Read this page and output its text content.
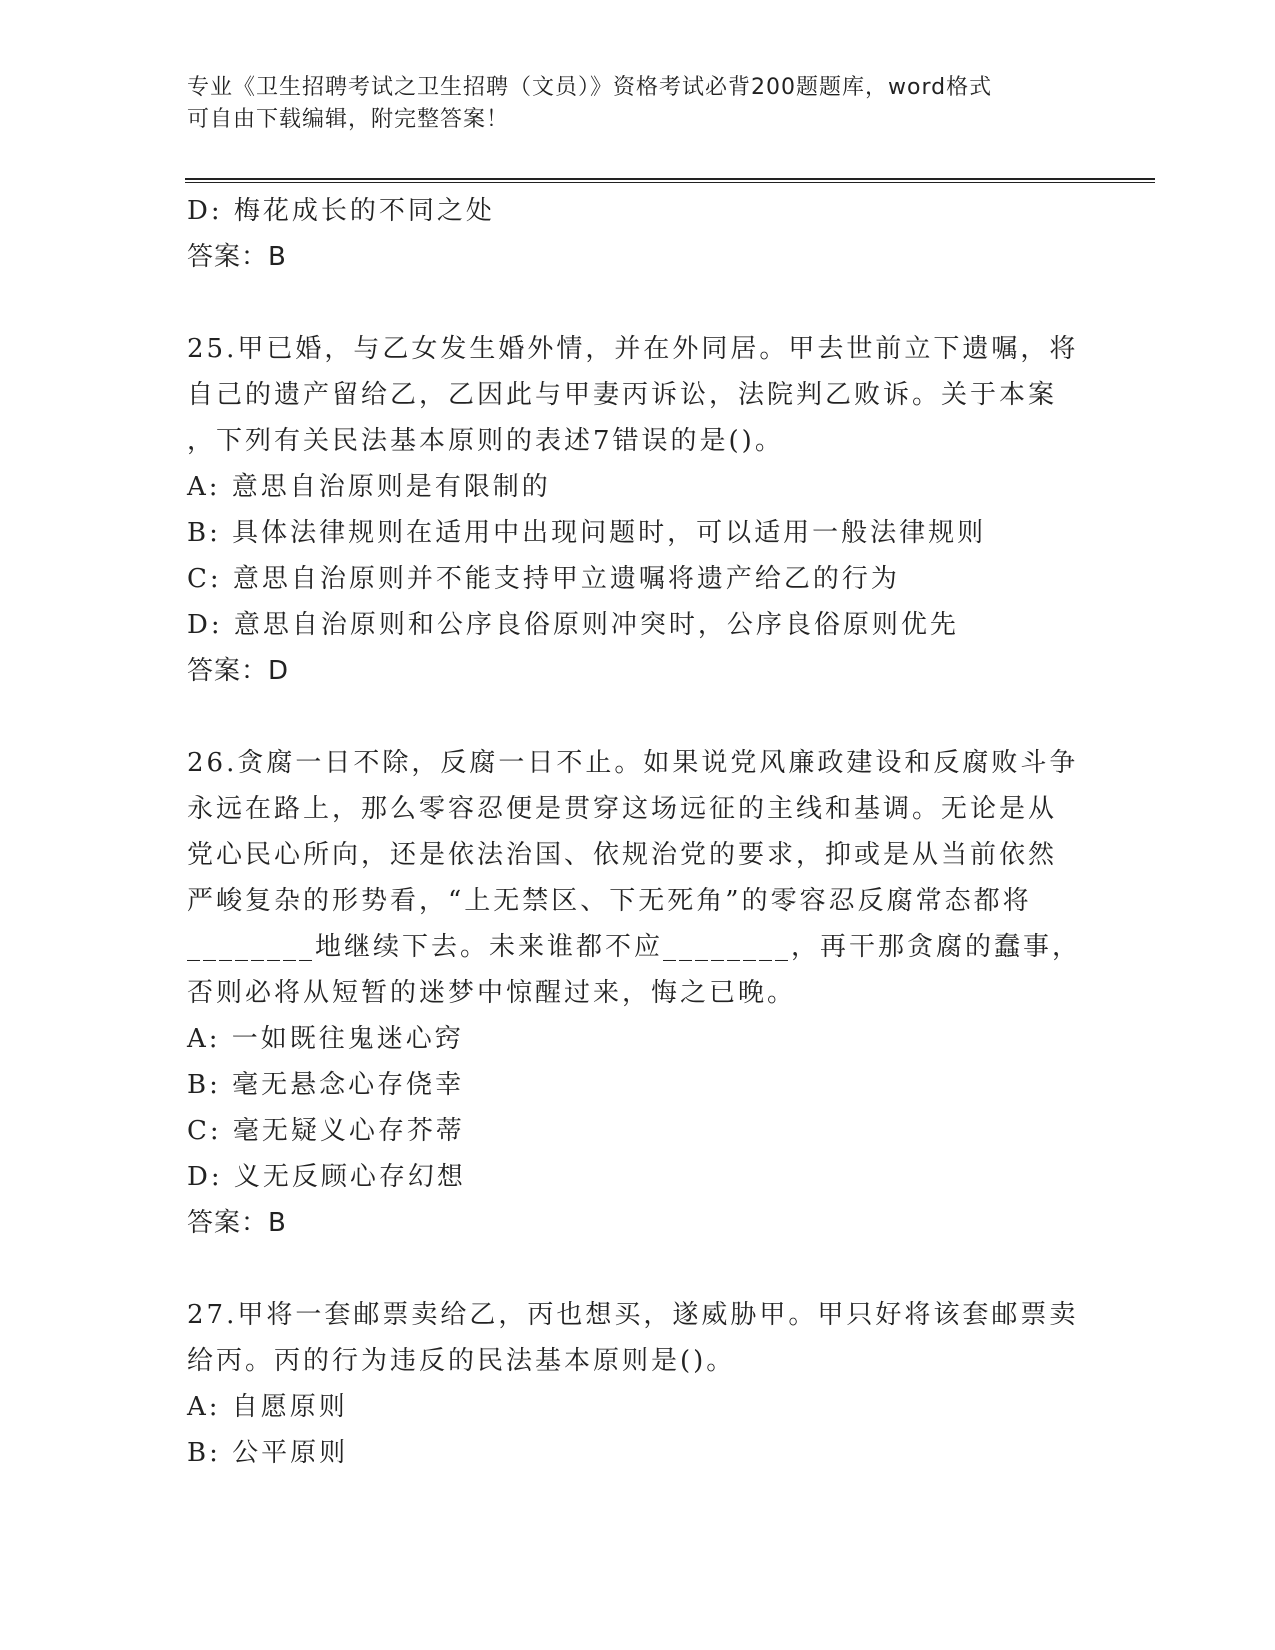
专业《卫生招聘考试之卫生招聘（文员）》资格考试必背200题题库，word格式
可自由下载编辑，附完整答案！
D: 梅花成长的不同之处
答案：B
25.甲已婚，与乙女发生婚外情，并在外同居。甲去世前立下遗嘱，将
自己的遗产留给乙，乙因此与甲妻丙诉讼，法院判乙败诉。关于本案
，下列有关民法基本原则的表述7错误的是()。
A: 意思自治原则是有限制的
B: 具体法律规则在适用中出现问题时，可以适用一般法律规则
C: 意思自治原则并不能支持甲立遗嘱将遗产给乙的行为
D: 意思自治原则和公序良俗原则冲突时，公序良俗原则优先
答案：D
26.贪腐一日不除，反腐一日不止。如果说党风廉政建设和反腐败斗争
永远在路上，那么零容忍便是贯穿这场远征的主线和基调。无论是从
党心民心所向，还是依法治国、依规治党的要求，抑或是从当前依然
严峻复杂的形势看，“上无禁区、下无死角”的零容忍反腐常态都将
________地继续下去。未来谁都不应________，再干那贪腐的蠢事，
否则必将从短暂的迷梦中惊醒过来，悔之已晚。
A: 一如既往鬼迷心窍
B: 毫无悬念心存侥幸
C: 毫无疑义心存芥蒂
D: 义无反顾心存幻想
答案：B
27.甲将一套邮票卖给乙，丙也想买，遂威胁甲。甲只好将该套邮票卖
给丙。丙的行为违反的民法基本原则是()。
A: 自愿原则
B: 公平原则
